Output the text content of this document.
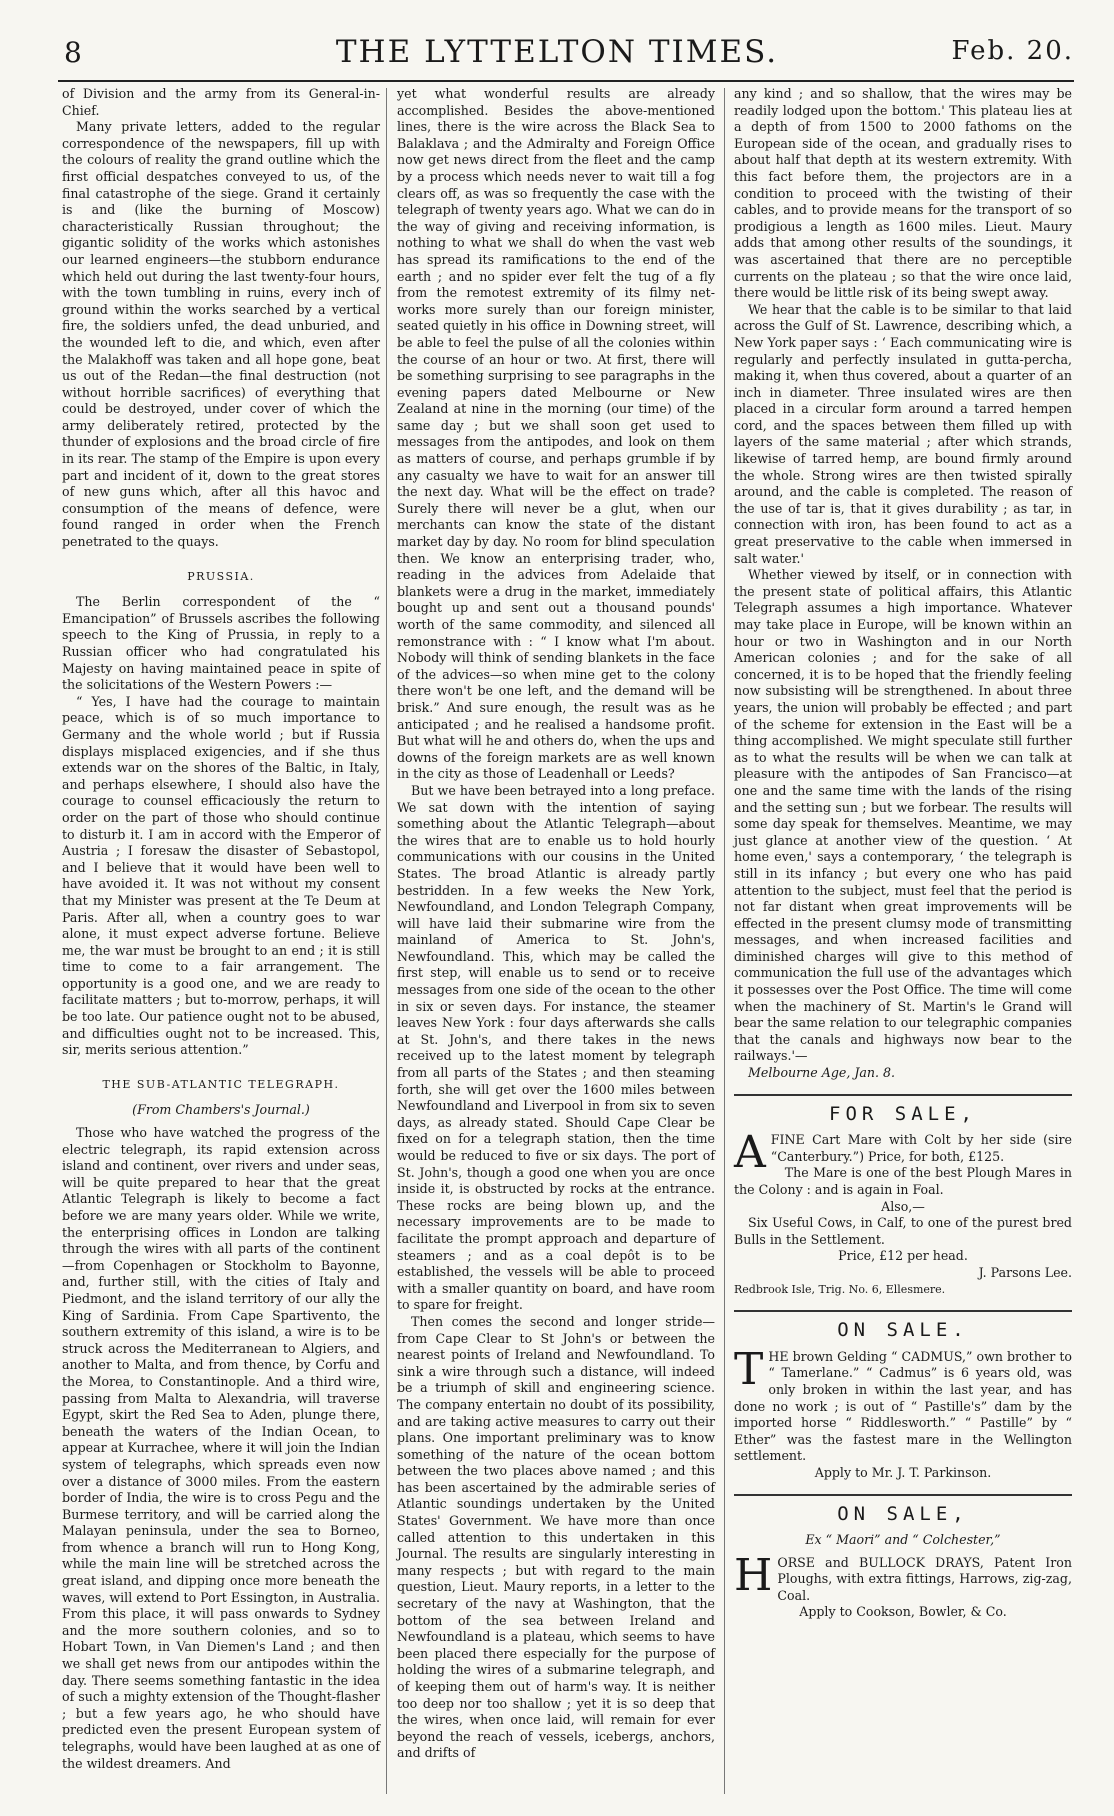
8	THE LYTTELTON TIMES.	Feb. 20.

of Division and the army from its General-in-Chief.

Many private letters, added to the regular correspondence of the newspapers, fill up with the colours of reality the grand outline which the first official despatches conveyed to us, of the final catastrophe of the siege. Grand it certainly is and (like the burning of Moscow) characteristically Russian throughout; the gigantic solidity of the works which astonishes our learned engineers—the stubborn endurance which held out during the last twenty-four hours, with the town tumbling in ruins, every inch of ground within the works searched by a vertical fire, the soldiers unfed, the dead unburied, and the wounded left to die, and which, even after the Malakhoff was taken and all hope gone, beat us out of the Redan—the final destruction (not without horrible sacrifices) of everything that could be destroyed, under cover of which the army deliberately retired, protected by the thunder of explosions and the broad circle of fire in its rear. The stamp of the Empire is upon every part and incident of it, down to the great stores of new guns which, after all this havoc and consumption of the means of defence, were found ranged in order when the French penetrated to the quays.

PRUSSIA.

The Berlin correspondent of the “ Emancipation” of Brussels ascribes the following speech to the King of Prussia, in reply to a Russian officer who had congratulated his Majesty on having maintained peace in spite of the solicitations of the Western Powers :—

“ Yes, I have had the courage to maintain peace, which is of so much importance to Germany and the whole world ; but if Russia displays misplaced exigencies, and if she thus extends war on the shores of the Baltic, in Italy, and perhaps elsewhere, I should also have the courage to counsel efficaciously the return to order on the part of those who should continue to disturb it. I am in accord with the Emperor of Austria ; I foresaw the disaster of Sebastopol, and I believe that it would have been well to have avoided it. It was not without my consent that my Minister was present at the Te Deum at Paris. After all, when a country goes to war alone, it must expect adverse fortune. Believe me, the war must be brought to an end ; it is still time to come to a fair arrangement. The opportunity is a good one, and we are ready to facilitate matters ; but to-morrow, perhaps, it will be too late. Our patience ought not to be abused, and difficulties ought not to be increased. This, sir, merits serious attention.”

THE SUB-ATLANTIC TELEGRAPH.

(From Chambers's Journal.)

Those who have watched the progress of the electric telegraph, its rapid extension across island and continent, over rivers and under seas, will be quite prepared to hear that the great Atlantic Telegraph is likely to become a fact before we are many years older. While we write, the enterprising offices in London are talking through the wires with all parts of the continent—from Copenhagen or Stockholm to Bayonne, and, further still, with the cities of Italy and Piedmont, and the island territory of our ally the King of Sardinia. From Cape Spartivento, the southern extremity of this island, a wire is to be struck across the Mediterranean to Algiers, and another to Malta, and from thence, by Corfu and the Morea, to Constantinople. And a third wire, passing from Malta to Alexandria, will traverse Egypt, skirt the Red Sea to Aden, plunge there, beneath the waters of the Indian Ocean, to appear at Kurrachee, where it will join the Indian system of telegraphs, which spreads even now over a distance of 3000 miles. From the eastern border of India, the wire is to cross Pegu and the Burmese territory, and will be carried along the Malayan peninsula, under the sea to Borneo, from whence a branch will run to Hong Kong, while the main line will be stretched across the great island, and dipping once more beneath the waves, will extend to Port Essington, in Australia. From this place, it will pass onwards to Sydney and the more southern colonies, and so to Hobart Town, in Van Diemen's Land ; and then we shall get news from our antipodes within the day. There seems something fantastic in the idea of such a mighty extension of the Thought-flasher ; but a few years ago, he who should have predicted even the present European system of telegraphs, would have been laughed at as one of the wildest dreamers. And

yet what wonderful results are already accomplished. Besides the above-mentioned lines, there is the wire across the Black Sea to Balaklava ; and the Admiralty and Foreign Office now get news direct from the fleet and the camp by a process which needs never to wait till a fog clears off, as was so frequently the case with the telegraph of twenty years ago. What we can do in the way of giving and receiving information, is nothing to what we shall do when the vast web has spread its ramifications to the end of the earth ; and no spider ever felt the tug of a fly from the remotest extremity of its filmy net-works more surely than our foreign minister, seated quietly in his office in Downing street, will be able to feel the pulse of all the colonies within the course of an hour or two. At first, there will be something surprising to see paragraphs in the evening papers dated Melbourne or New Zealand at nine in the morning (our time) of the same day ; but we shall soon get used to messages from the antipodes, and look on them as matters of course, and perhaps grumble if by any casualty we have to wait for an answer till the next day. What will be the effect on trade? Surely there will never be a glut, when our merchants can know the state of the distant market day by day. No room for blind speculation then. We know an enterprising trader, who, reading in the advices from Adelaide that blankets were a drug in the market, immediately bought up and sent out a thousand pounds' worth of the same commodity, and silenced all remonstrance with : “ I know what I'm about. Nobody will think of sending blankets in the face of the advices—so when mine get to the colony there won't be one left, and the demand will be brisk.” And sure enough, the result was as he anticipated ; and he realised a handsome profit. But what will he and others do, when the ups and downs of the foreign markets are as well known in the city as those of Leadenhall or Leeds?

But we have been betrayed into a long preface. We sat down with the intention of saying something about the Atlantic Telegraph—about the wires that are to enable us to hold hourly communications with our cousins in the United States. The broad Atlantic is already partly bestridden. In a few weeks the New York, Newfoundland, and London Telegraph Company, will have laid their submarine wire from the mainland of America to St. John's, Newfoundland. This, which may be called the first step, will enable us to send or to receive messages from one side of the ocean to the other in six or seven days. For instance, the steamer leaves New York : four days afterwards she calls at St. John's, and there takes in the news received up to the latest moment by telegraph from all parts of the States ; and then steaming forth, she will get over the 1600 miles between Newfoundland and Liverpool in from six to seven days, as already stated. Should Cape Clear be fixed on for a telegraph station, then the time would be reduced to five or six days. The port of St. John's, though a good one when you are once inside it, is obstructed by rocks at the entrance. These rocks are being blown up, and the necessary improvements are to be made to facilitate the prompt approach and departure of steamers ; and as a coal depôt is to be established, the vessels will be able to proceed with a smaller quantity on board, and have room to spare for freight.

Then comes the second and longer stride—from Cape Clear to St John's or between the nearest points of Ireland and Newfoundland. To sink a wire through such a distance, will indeed be a triumph of skill and engineering science. The company entertain no doubt of its possibility, and are taking active measures to carry out their plans. One important preliminary was to know something of the nature of the ocean bottom between the two places above named ; and this has been ascertained by the admirable series of Atlantic soundings undertaken by the United States' Government. We have more than once called attention to this undertaken in this Journal. The results are singularly interesting in many respects ; but with regard to the main question, Lieut. Maury reports, in a letter to the secretary of the navy at Washington, that the bottom of the sea between Ireland and Newfoundland is a plateau, which seems to have been placed there especially for the purpose of holding the wires of a submarine telegraph, and of keeping them out of harm's way. It is neither too deep nor too shallow ; yet it is so deep that the wires, when once laid, will remain for ever beyond the reach of vessels, icebergs, anchors, and drifts of

any kind ; and so shallow, that the wires may be readily lodged upon the bottom.' This plateau lies at a depth of from 1500 to 2000 fathoms on the European side of the ocean, and gradually rises to about half that depth at its western extremity. With this fact before them, the projectors are in a condition to proceed with the twisting of their cables, and to provide means for the transport of so prodigious a length as 1600 miles. Lieut. Maury adds that among other results of the soundings, it was ascertained that there are no perceptible currents on the plateau ; so that the wire once laid, there would be little risk of its being swept away.

We hear that the cable is to be similar to that laid across the Gulf of St. Lawrence, describing which, a New York paper says : ‘ Each communicating wire is regularly and perfectly insulated in gutta-percha, making it, when thus covered, about a quarter of an inch in diameter. Three insulated wires are then placed in a circular form around a tarred hempen cord, and the spaces between them filled up with layers of the same material ; after which strands, likewise of tarred hemp, are bound firmly around the whole. Strong wires are then twisted spirally around, and the cable is completed. The reason of the use of tar is, that it gives durability ; as tar, in connection with iron, has been found to act as a great preservative to the cable when immersed in salt water.'

Whether viewed by itself, or in connection with the present state of political affairs, this Atlantic Telegraph assumes a high importance. Whatever may take place in Europe, will be known within an hour or two in Washington and in our North American colonies ; and for the sake of all concerned, it is to be hoped that the friendly feeling now subsisting will be strengthened. In about three years, the union will probably be effected ; and part of the scheme for extension in the East will be a thing accomplished. We might speculate still further as to what the results will be when we can talk at pleasure with the antipodes of San Francisco—at one and the same time with the lands of the rising and the setting sun ; but we forbear. The results will some day speak for themselves. Meantime, we may just glance at another view of the question. ‘ At home even,' says a contemporary, ‘ the telegraph is still in its infancy ; but every one who has paid attention to the subject, must feel that the period is not far distant when great improvements will be effected in the present clumsy mode of transmitting messages, and when increased facilities and diminished charges will give to this method of communication the full use of the advantages which it possesses over the Post Office. The time will come when the machinery of St. Martin's le Grand will bear the same relation to our telegraphic companies that the canals and highways now bear to the railways.'—

Melbourne Age, Jan. 8.

FOR SALE,

AFINE Cart Mare with Colt by her side (sire “Canterbury.”) Price, for both, £125.

The Mare is one of the best Plough Mares in the Colony : and is again in Foal.

Also,—

Six Useful Cows, in Calf, to one of the purest bred Bulls in the Settlement.

Price, £12 per head.

J. Parsons Lee.

Redbrook Isle, Trig. No. 6, Ellesmere.

ON SALE.

THE brown Gelding “ CADMUS,” own brother to “ Tamerlane.” “ Cadmus” is 6 years old, was only broken in within the last year, and has done no work ; is out of “ Pastille's” dam by the imported horse “ Riddlesworth.” “ Pastille” by “ Ether” was the fastest mare in the Wellington settlement.

Apply to Mr. J. T. Parkinson.

ON SALE,

Ex “ Maori” and “ Colchester,”

HORSE and BULLOCK DRAYS, Patent Iron Ploughs, with extra fittings, Harrows, zig-zag, Coal.

Apply to Cookson, Bowler, & Co.
